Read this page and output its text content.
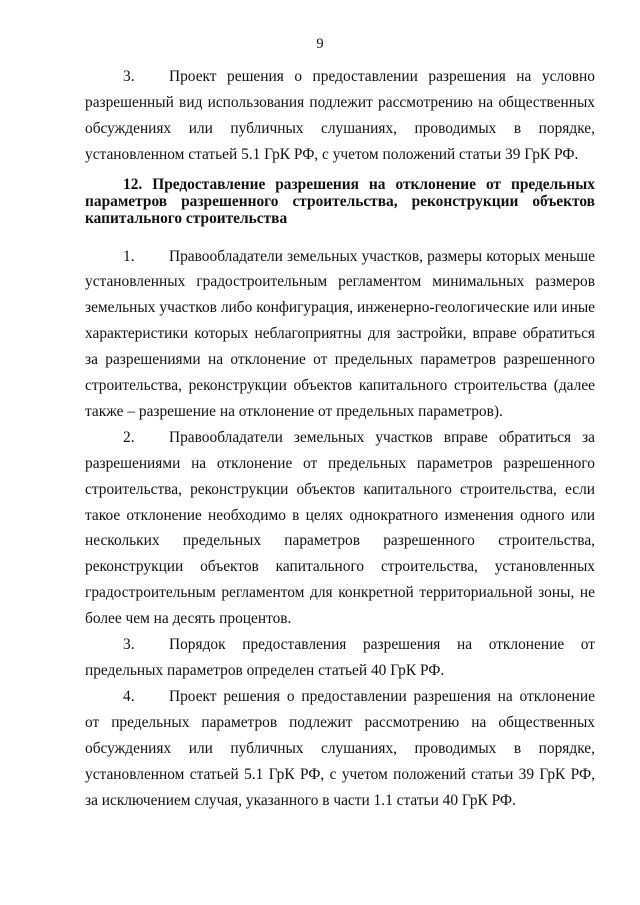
9

3. Проект решения о предоставлении разрешения на условно разрешенный вид использования подлежит рассмотрению на общественных обсуждениях или публичных слушаниях, проводимых в порядке, установленном статьей 5.1 ГрК РФ, с учетом положений статьи 39 ГрК РФ.

12. Предоставление разрешения на отклонение от предельных параметров разрешенного строительства, реконструкции объектов капитального строительства

1. Правообладатели земельных участков, размеры которых меньше установленных градостроительным регламентом минимальных размеров земельных участков либо конфигурация, инженерно-геологические или иные характеристики которых неблагоприятны для застройки, вправе обратиться за разрешениями на отклонение от предельных параметров разрешенного строительства, реконструкции объектов капитального строительства (далее также – разрешение на отклонение от предельных параметров).

2. Правообладатели земельных участков вправе обратиться за разрешениями на отклонение от предельных параметров разрешенного строительства, реконструкции объектов капитального строительства, если такое отклонение необходимо в целях однократного изменения одного или нескольких предельных параметров разрешенного строительства, реконструкции объектов капитального строительства, установленных градостроительным регламентом для конкретной территориальной зоны, не более чем на десять процентов.

3. Порядок предоставления разрешения на отклонение от предельных параметров определен статьей 40 ГрК РФ.

4. Проект решения о предоставлении разрешения на отклонение от предельных параметров подлежит рассмотрению на общественных обсуждениях или публичных слушаниях, проводимых в порядке, установленном статьей 5.1 ГрК РФ, с учетом положений статьи 39 ГрК РФ, за исключением случая, указанного в части 1.1 статьи 40 ГрК РФ.
